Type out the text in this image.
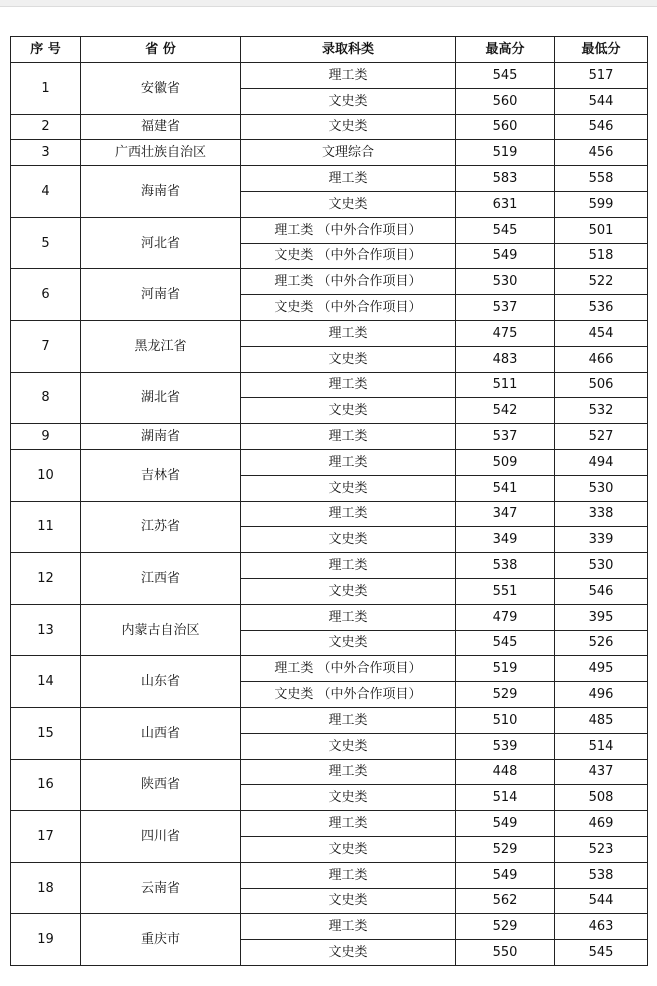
序 号	省 份	录取科类	最高分	最低分
1	安徽省	理工类	545	517
		文史类	560	544
2	福建省	文史类	560	546
3	广西壮族自治区	文理综合	519	456
4	海南省	理工类	583	558
		文史类	631	599
5	河北省	理工类 （中外合作项目）	545	501
		文史类 （中外合作项目）	549	518
6	河南省	理工类 （中外合作项目）	530	522
		文史类 （中外合作项目）	537	536
7	黑龙江省	理工类	475	454
		文史类	483	466
8	湖北省	理工类	511	506
		文史类	542	532
9	湖南省	理工类	537	527
10	吉林省	理工类	509	494
		文史类	541	530
11	江苏省	理工类	347	338
		文史类	349	339
12	江西省	理工类	538	530
		文史类	551	546
13	内蒙古自治区	理工类	479	395
		文史类	545	526
14	山东省	理工类 （中外合作项目）	519	495
		文史类 （中外合作项目）	529	496
15	山西省	理工类	510	485
		文史类	539	514
16	陕西省	理工类	448	437
		文史类	514	508
17	四川省	理工类	549	469
		文史类	529	523
18	云南省	理工类	549	538
		文史类	562	544
19	重庆市	理工类	529	463
		文史类	550	545
